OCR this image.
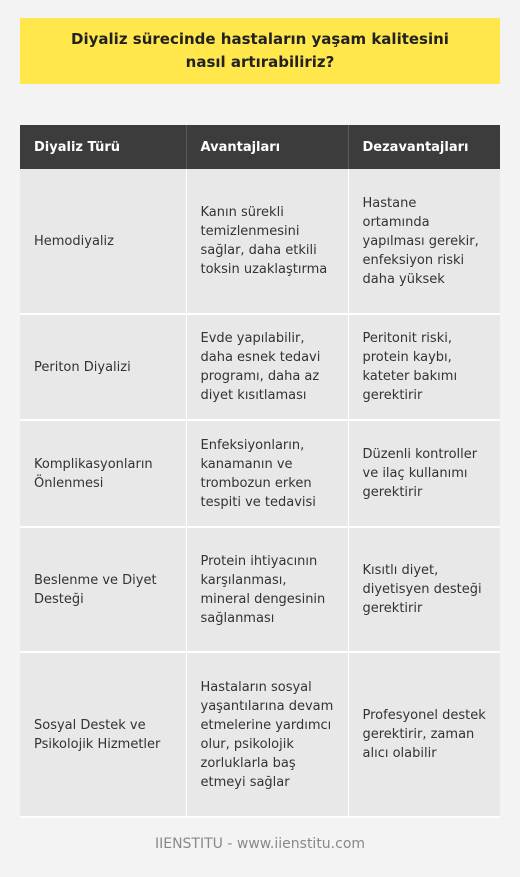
Diyaliz sürecinde hastaların yaşam kalitesini nasıl artırabiliriz?
Diyaliz Türü	Avantajları	Dezavantajları
Hemodiyaliz	Kanın sürekli temizlenmesini sağlar, daha etkili toksin uzaklaştırma	Hastane ortamında yapılması gerekir, enfeksiyon riski daha yüksek
Periton Diyalizi	Evde yapılabilir, daha esnek tedavi programı, daha az diyet kısıtlaması	Peritonit riski, protein kaybı, kateter bakımı gerektirir
Komplikasyonların Önlenmesi	Enfeksiyonların, kanamanın ve trombozun erken tespiti ve tedavisi	Düzenli kontroller ve ilaç kullanımı gerektirir
Beslenme ve Diyet Desteği	Protein ihtiyacının karşılanması, mineral dengesinin sağlanması	Kısıtlı diyet, diyetisyen desteği gerektirir
Sosyal Destek ve Psikolojik Hizmetler	Hastaların sosyal yaşantılarına devam etmelerine yardımcı olur, psikolojik zorluklarla baş etmeyi sağlar	Profesyonel destek gerektirir, zaman alıcı olabilir
IIENSTITU - www.iienstitu.com
